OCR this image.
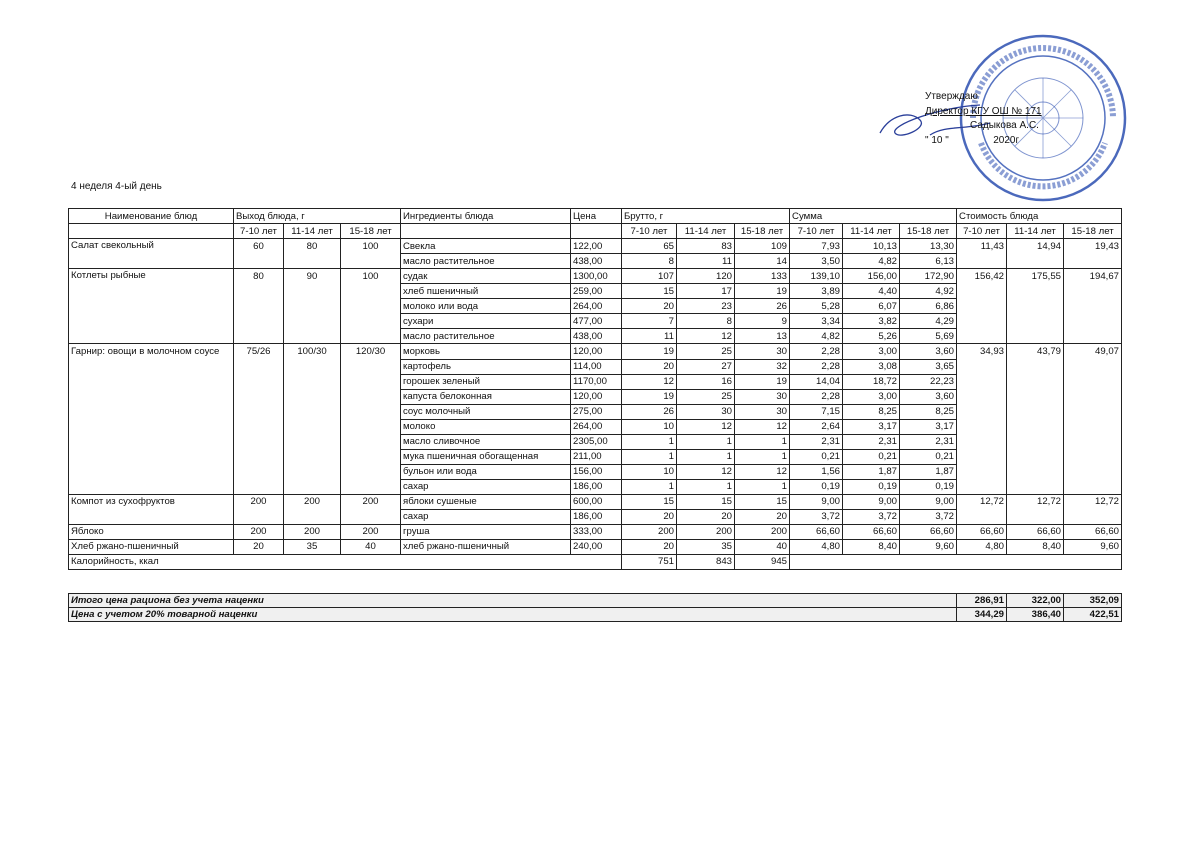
Утверждаю
Директор КГУ ОШ № 171
Садыкова А.С.
" 10 "	2020г
4 неделя 4-ый день
Наименование блюд	Выход блюда, г			Ингредиенты блюда	Цена	Брутто, г			Сумма			Стоимость блюда		
	7-10 лет	11-14 лет	15-18 лет			7-10 лет	11-14 лет	15-18 лет	7-10 лет	11-14 лет	15-18 лет	7-10 лет	11-14 лет	15-18 лет
Салат свекольный	60	80	100	Свекла	122,00	65	83	109	7,93	10,13	13,30	11,43	14,94	19,43
				масло растительное	438,00	8	11	14	3,50	4,82	6,13			
Котлеты рыбные	80	90	100	судак	1300,00	107	120	133	139,10	156,00	172,90	156,42	175,55	194,67
				хлеб пшеничный	259,00	15	17	19	3,89	4,40	4,92			
				молоко или вода	264,00	20	23	26	5,28	6,07	6,86			
				сухари	477,00	7	8	9	3,34	3,82	4,29			
				масло растительное	438,00	11	12	13	4,82	5,26	5,69			
Гарнир: овощи в молочном соусе	75/26	100/30	120/30	морковь	120,00	19	25	30	2,28	3,00	3,60	34,93	43,79	49,07
				картофель	114,00	20	27	32	2,28	3,08	3,65			
				горошек зеленый	1170,00	12	16	19	14,04	18,72	22,23			
				капуста белоконная	120,00	19	25	30	2,28	3,00	3,60			
				соус молочный	275,00	26	30	30	7,15	8,25	8,25			
				молоко	264,00	10	12	12	2,64	3,17	3,17			
				масло сливочное	2305,00	1	1	1	2,31	2,31	2,31			
				мука пшеничная обогащенная	211,00	1	1	1	0,21	0,21	0,21			
				бульон или вода	156,00	10	12	12	1,56	1,87	1,87			
				сахар	186,00	1	1	1	0,19	0,19	0,19			
Компот из сухофруктов	200	200	200	яблоки сушеные	600,00	15	15	15	9,00	9,00	9,00	12,72	12,72	12,72
				сахар	186,00	20	20	20	3,72	3,72	3,72			
Яблоко	200	200	200	груша	333,00	200	200	200	66,60	66,60	66,60	66,60	66,60	66,60
Хлеб ржано-пшеничный	20	35	40	хлеб ржано-пшеничный	240,00	20	35	40	4,80	8,40	9,60	4,80	8,40	9,60
Калорийность, ккал						751	843	945						
Итого цена рациона без учета наценки	286,91	322,00	352,09
Цена с учетом 20% товарной наценки	344,29	386,40	422,51
